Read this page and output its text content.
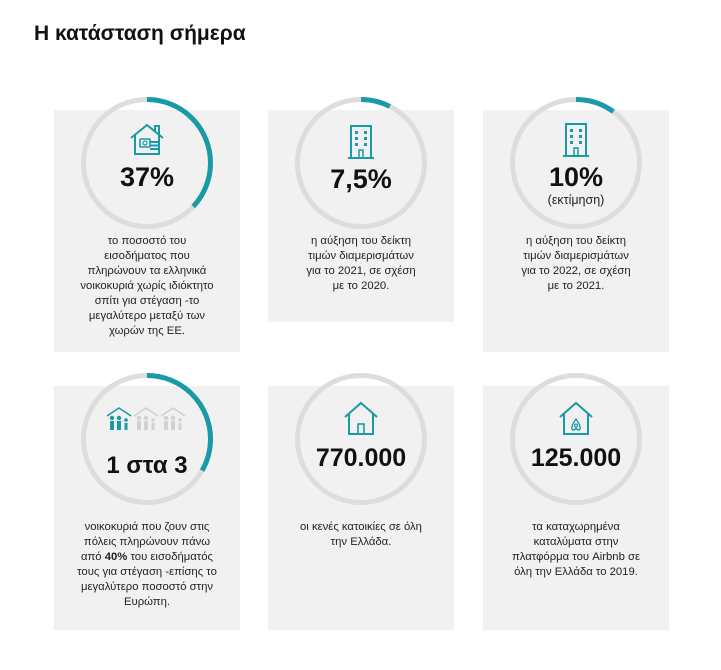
Η κατάσταση σήμερα
37%
το ποσοστό του
εισοδήματος που
πληρώνουν τα ελληνικά
νοικοκυριά χωρίς ιδιόκτητο
σπίτι για στέγαση -το
μεγαλύτερο μεταξύ των
χωρών της ΕΕ.
7,5%
η αύξηση του δείκτη
τιμών διαμερισμάτων
για το 2021, σε σχέση
με το 2020.
10%
(εκτίμηση)
η αύξηση του δείκτη
τιμών διαμερισμάτων
για το 2022, σε σχέση
με το 2021.
1 στα 3
νοικοκυριά που ζουν στις
πόλεις πληρώνουν πάνω
από 40% του εισοδήματός
τους για στέγαση -επίσης το
μεγαλύτερο ποσοστό στην
Ευρώπη.
770.000
οι κενές κατοικίες σε όλη
την Ελλάδα.
125.000
τα καταχωρημένα
καταλύματα στην
πλατφόρμα του Airbnb σε
όλη την Ελλάδα το 2019.
